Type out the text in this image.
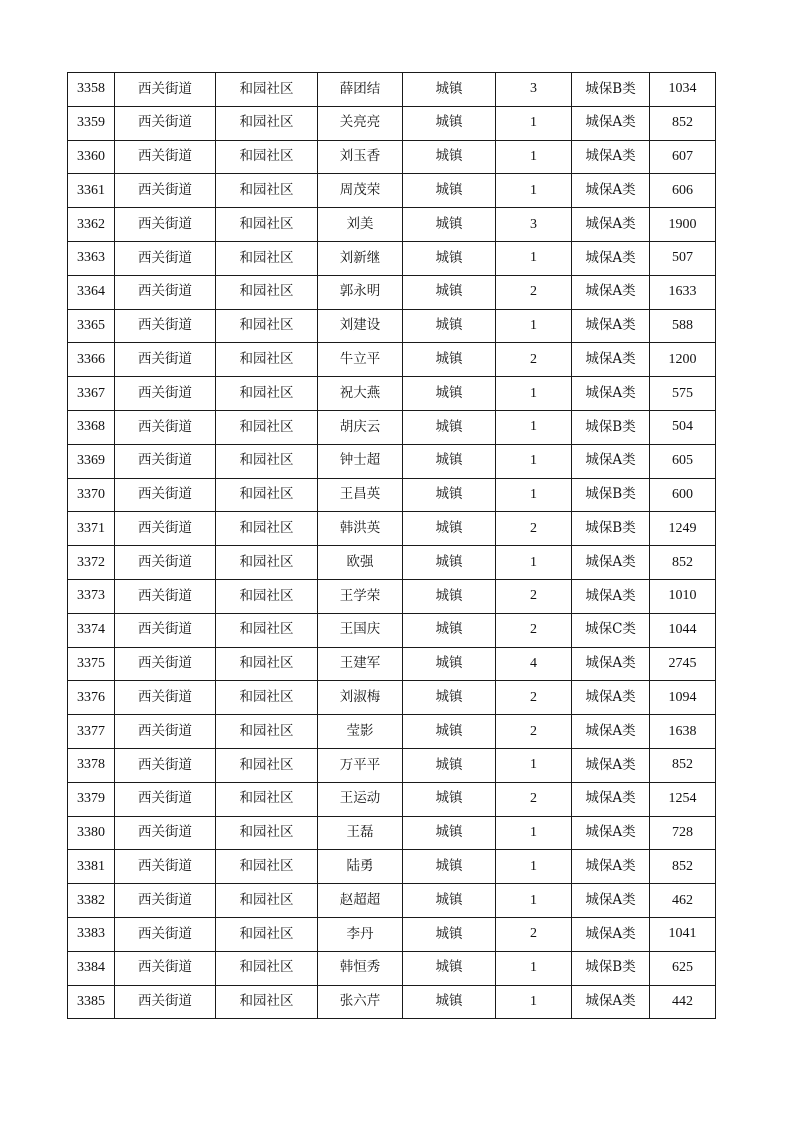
3358	西关街道	和园社区	薛团结	城镇	3	城保B类	1034
3359	西关街道	和园社区	关亮亮	城镇	1	城保A类	852
3360	西关街道	和园社区	刘玉香	城镇	1	城保A类	607
3361	西关街道	和园社区	周茂荣	城镇	1	城保A类	606
3362	西关街道	和园社区	刘美	城镇	3	城保A类	1900
3363	西关街道	和园社区	刘新继	城镇	1	城保A类	507
3364	西关街道	和园社区	郭永明	城镇	2	城保A类	1633
3365	西关街道	和园社区	刘建设	城镇	1	城保A类	588
3366	西关街道	和园社区	牛立平	城镇	2	城保A类	1200
3367	西关街道	和园社区	祝大燕	城镇	1	城保A类	575
3368	西关街道	和园社区	胡庆云	城镇	1	城保B类	504
3369	西关街道	和园社区	钟士超	城镇	1	城保A类	605
3370	西关街道	和园社区	王昌英	城镇	1	城保B类	600
3371	西关街道	和园社区	韩洪英	城镇	2	城保B类	1249
3372	西关街道	和园社区	欧强	城镇	1	城保A类	852
3373	西关街道	和园社区	王学荣	城镇	2	城保A类	1010
3374	西关街道	和园社区	王国庆	城镇	2	城保C类	1044
3375	西关街道	和园社区	王建军	城镇	4	城保A类	2745
3376	西关街道	和园社区	刘淑梅	城镇	2	城保A类	1094
3377	西关街道	和园社区	莹影	城镇	2	城保A类	1638
3378	西关街道	和园社区	万平平	城镇	1	城保A类	852
3379	西关街道	和园社区	王运动	城镇	2	城保A类	1254
3380	西关街道	和园社区	王磊	城镇	1	城保A类	728
3381	西关街道	和园社区	陆勇	城镇	1	城保A类	852
3382	西关街道	和园社区	赵超超	城镇	1	城保A类	462
3383	西关街道	和园社区	李丹	城镇	2	城保A类	1041
3384	西关街道	和园社区	韩恒秀	城镇	1	城保B类	625
3385	西关街道	和园社区	张六芹	城镇	1	城保A类	442
